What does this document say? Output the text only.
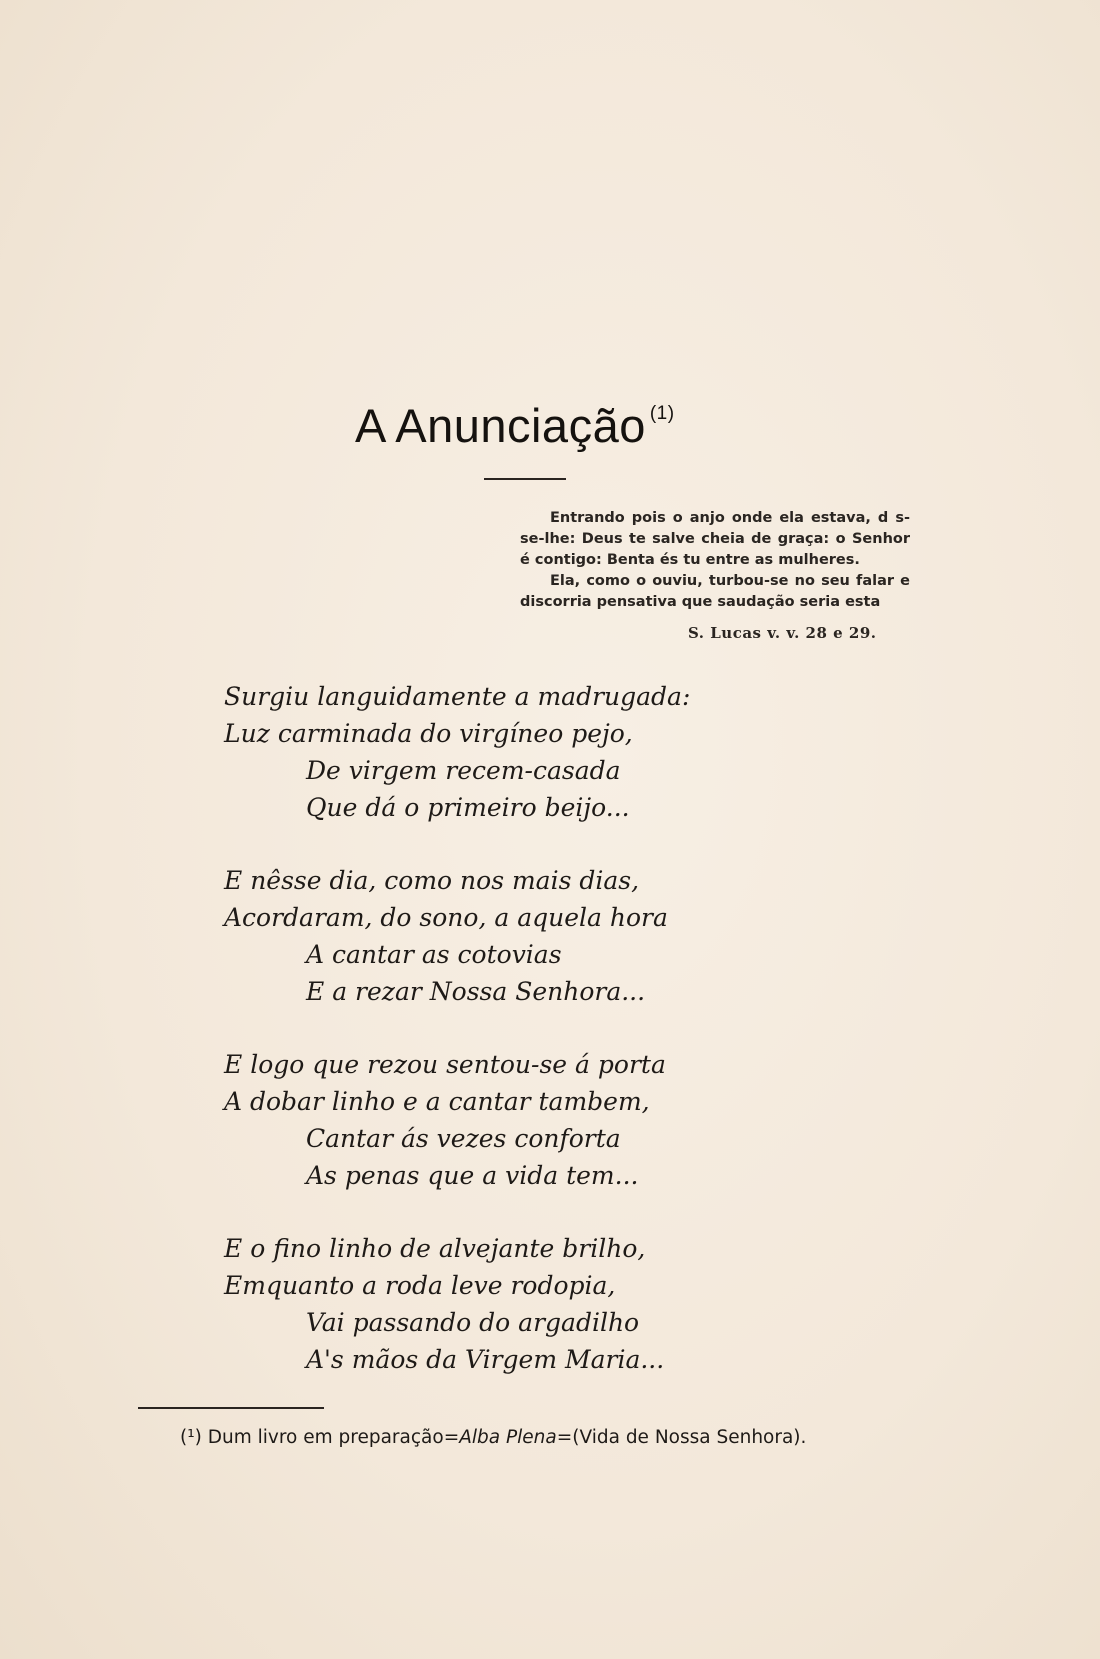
A Anunciação $^{(1)}$
Entrando pois o anjo onde ela estava, d s-se-lhe: Deus te salve cheia de graça: o Senhor é contigo: Benta és tu entre as mulheres.
Ela, como o ouviu, turbou-se no seu falar e discorria pensativa que saudação seria esta
S. Lucas v. v. 28 e 29.
Surgiu languidamente a madrugada:
Luz carminada do virgíneo pejo,
De virgem recem-casada
Que dá o primeiro beijo...
E nêsse dia, como nos mais dias,
Acordaram, do sono, a aquela hora
A cantar as cotovias
E a rezar Nossa Senhora...
E logo que rezou sentou-se á porta
A dobar linho e a cantar tambem,
Cantar ás vezes conforta
As penas que a vida tem...
E o fino linho de alvejante brilho,
Emquanto a roda leve rodopia,
Vai passando do argadilho
A's mãos da Virgem Maria...
(¹) Dum livro em preparação=Alba Plena=(Vida de Nossa Senhora).
